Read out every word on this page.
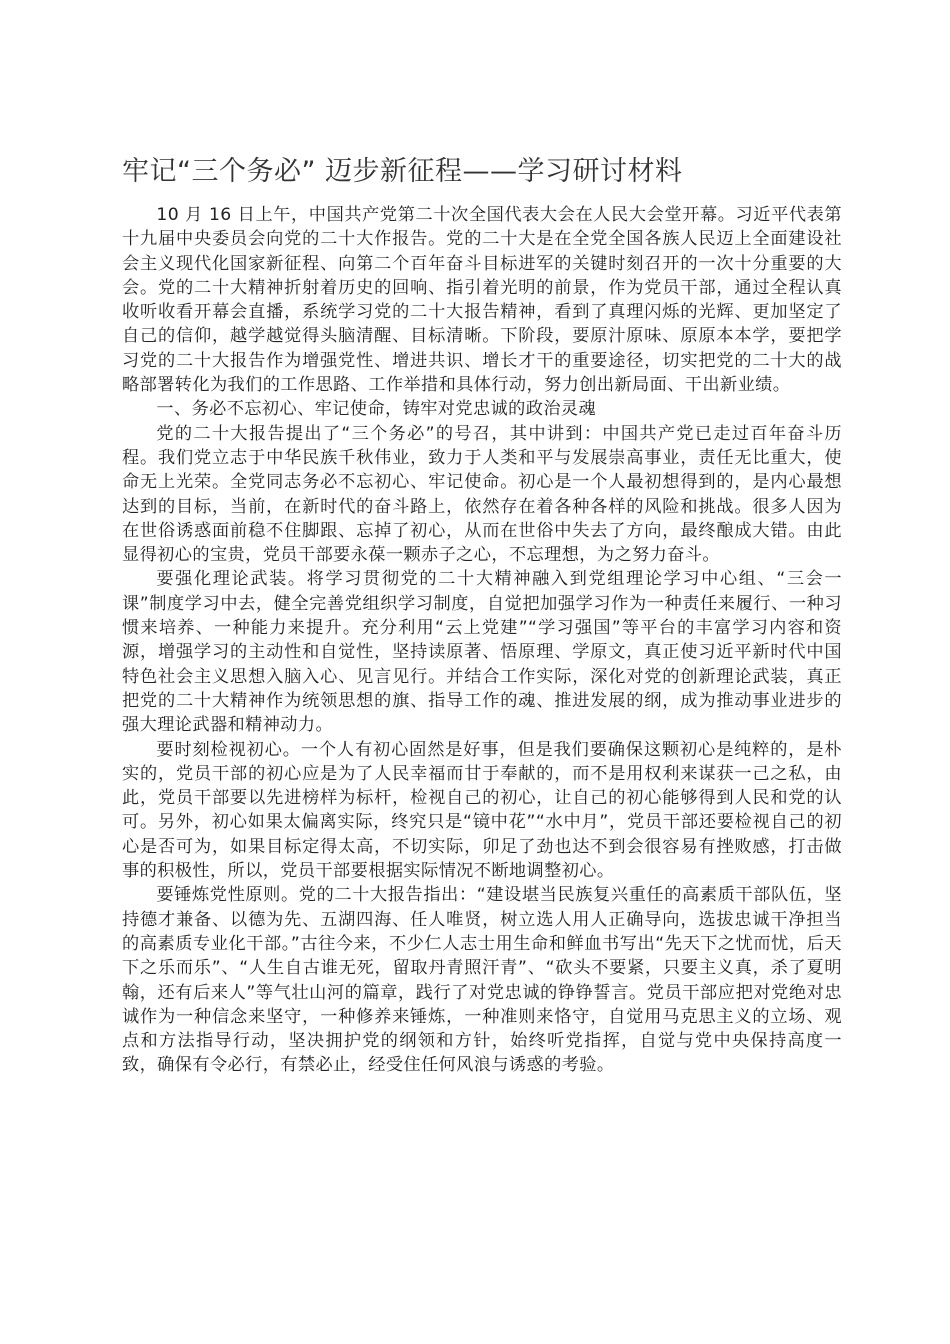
牢记“三个务必” 迈步新征程——学习研讨材料

10 月 16 日上午，中国共产党第二十次全国代表大会在人民大会堂开幕。习近平代表第十九届中央委员会向党的二十大作报告。党的二十大是在全党全国各族人民迈上全面建设社会主义现代化国家新征程、向第二个百年奋斗目标进军的关键时刻召开的一次十分重要的大会。党的二十大精神折射着历史的回响、指引着光明的前景，作为党员干部，通过全程认真收听收看开幕会直播，系统学习党的二十大报告精神，看到了真理闪烁的光辉、更加坚定了自己的信仰，越学越觉得头脑清醒、目标清晰。下阶段，要原汁原味、原原本本学，要把学习党的二十大报告作为增强党性、增进共识、增长才干的重要途径，切实把党的二十大的战略部署转化为我们的工作思路、工作举措和具体行动，努力创出新局面、干出新业绩。

一、务必不忘初心、牢记使命，铸牢对党忠诚的政治灵魂

党的二十大报告提出了“三个务必”的号召，其中讲到：中国共产党已走过百年奋斗历程。我们党立志于中华民族千秋伟业，致力于人类和平与发展崇高事业，责任无比重大，使命无上光荣。全党同志务必不忘初心、牢记使命。初心是一个人最初想得到的，是内心最想达到的目标，当前，在新时代的奋斗路上，依然存在着各种各样的风险和挑战。很多人因为在世俗诱惑面前稳不住脚跟、忘掉了初心，从而在世俗中失去了方向，最终酿成大错。由此显得初心的宝贵，党员干部要永葆一颗赤子之心，不忘理想，为之努力奋斗。

要强化理论武装。将学习贯彻党的二十大精神融入到党组理论学习中心组、“三会一课”制度学习中去，健全完善党组织学习制度，自觉把加强学习作为一种责任来履行、一种习惯来培养、一种能力来提升。充分利用“云上党建”“学习强国”等平台的丰富学习内容和资源，增强学习的主动性和自觉性，坚持读原著、悟原理、学原文，真正使习近平新时代中国特色社会主义思想入脑入心、见言见行。并结合工作实际，深化对党的创新理论武装，真正把党的二十大精神作为统领思想的旗、指导工作的魂、推进发展的纲，成为推动事业进步的强大理论武器和精神动力。

要时刻检视初心。一个人有初心固然是好事，但是我们要确保这颗初心是纯粹的，是朴实的，党员干部的初心应是为了人民幸福而甘于奉献的，而不是用权利来谋获一己之私，由此，党员干部要以先进榜样为标杆，检视自己的初心，让自己的初心能够得到人民和党的认可。另外，初心如果太偏离实际，终究只是“镜中花”“水中月”，党员干部还要检视自己的初心是否可为，如果目标定得太高，不切实际，卯足了劲也达不到会很容易有挫败感，打击做事的积极性，所以，党员干部要根据实际情况不断地调整初心。

要锤炼党性原则。党的二十大报告指出：“建设堪当民族复兴重任的高素质干部队伍，坚持德才兼备、以德为先、五湖四海、任人唯贤，树立选人用人正确导向，选拔忠诚干净担当的高素质专业化干部。”古往今来，不少仁人志士用生命和鲜血书写出“先天下之忧而忧，后天下之乐而乐”、“人生自古谁无死，留取丹青照汗青”、“砍头不要紧，只要主义真，杀了夏明翰，还有后来人”等气壮山河的篇章，践行了对党忠诚的铮铮誓言。党员干部应把对党绝对忠诚作为一种信念来坚守，一种修养来锤炼，一种准则来恪守，自觉用马克思主义的立场、观点和方法指导行动，坚决拥护党的纲领和方针，始终听党指挥，自觉与党中央保持高度一致，确保有令必行，有禁必止，经受住任何风浪与诱惑的考验。
